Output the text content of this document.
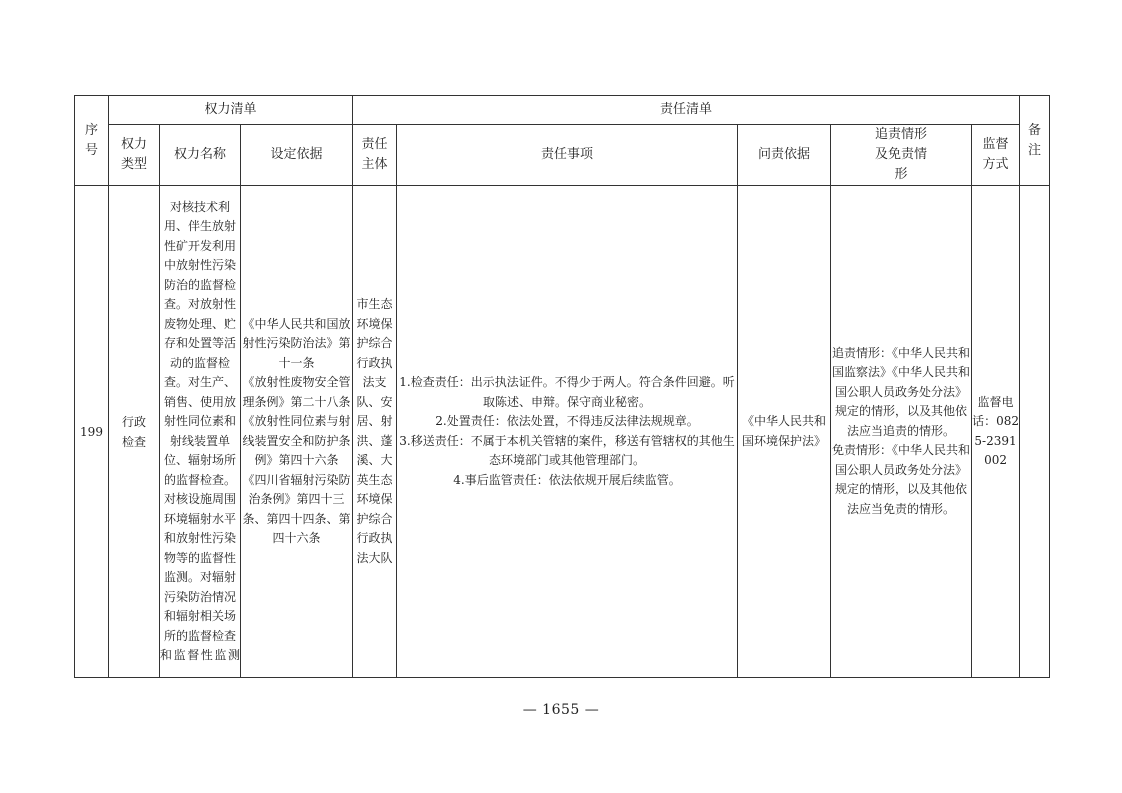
序号	权力清单			责任清单					备注

	权力类型	权力名称	设定依据	责任主体	责任事项	问责依据	追责情形及免责情形	监督方式	

199	行政检查	对核技术利用、伴生放射性矿开发利用中放射性污染防治的监督检查。对放射性废物处理、贮存和处置等活动的监督检查。对生产、销售、使用放射性同位素和射线装置单位、辐射场所的监督检查。对核设施周围环境辐射水平和放射性污染物等的监督性监测。对辐射污染防治情况和辐射相关场所的监督检查和监督性监测	《中华人民共和国放射性污染防治法》第十一条
《放射性废物安全管理条例》第二十八条
《放射性同位素与射线装置安全和防护条例》第四十六条
《四川省辐射污染防治条例》第四十三条、第四十四条、第四十六条	市生态环境保护综合行政执法支队、安居、射洪、蓬溪、大英生态环境保护综合行政执法大队	1.检查责任：出示执法证件。不得少于两人。符合条件回避。听取陈述、申辩。保守商业秘密。
2.处置责任：依法处置，不得违反法律法规规章。
3.移送责任：不属于本机关管辖的案件，移送有管辖权的其他生态环境部门或其他管理部门。
4.事后监管责任：依法依规开展后续监管。	《中华人民共和国环境保护法》	追责情形：《中华人民共和国监察法》《中华人民共和国公职人员政务处分法》规定的情形，以及其他依法应当追责的情形。
免责情形：《中华人民共和国公职人员政务处分法》规定的情形，以及其他依法应当免责的情形。	监督电话：0825-2391002	
— 1655 —
